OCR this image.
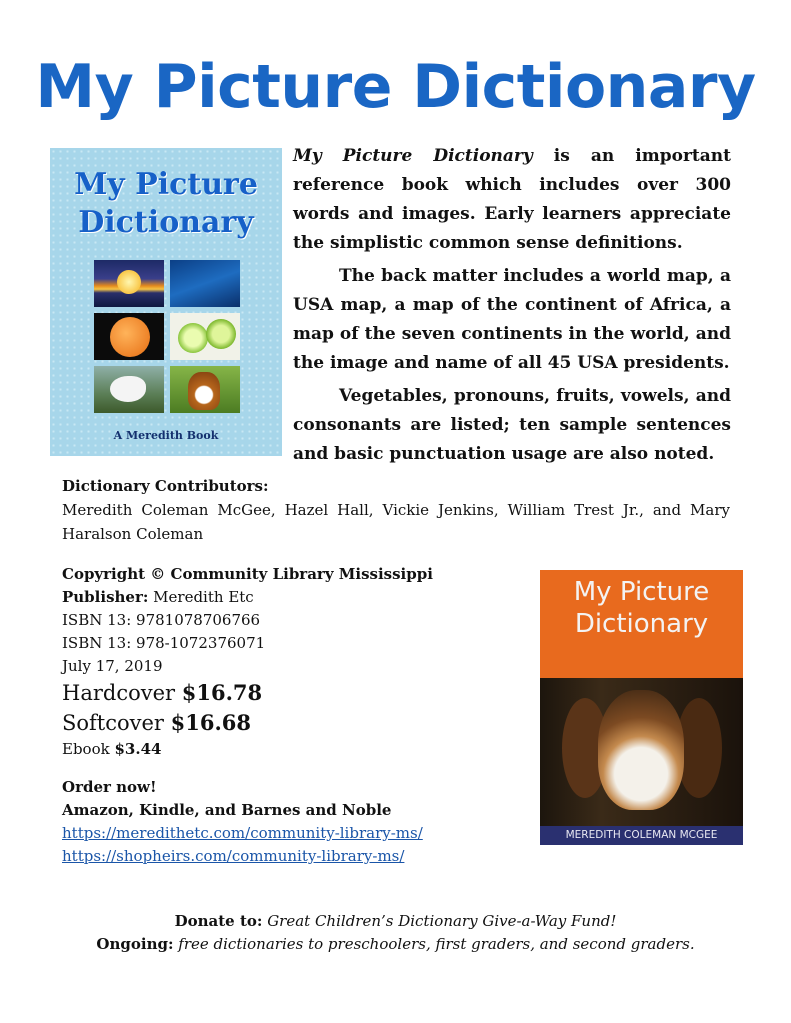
My Picture Dictionary
My Picture
Dictionary
A Meredith Book

My Picture Dictionary is an important reference book which includes over 300 words and images. Early learners appreciate the simplistic common sense definitions.

The back matter includes a world map, a USA map, a map of the continent of Africa, a map of the seven continents in the world, and the image and name of all 45 USA presidents.

Vegetables, pronouns, fruits, vowels, and consonants are listed; ten sample sentences and basic punctuation usage are also noted.

Dictionary Contributors:
Meredith Coleman McGee, Hazel Hall, Vickie Jenkins, William Trest Jr., and Mary Haralson Coleman
Copyright © Community Library Mississippi
Publisher: Meredith Etc
ISBN 13: 9781078706766
ISBN 13: 978-1072376071
July 17, 2019
Hardcover $16.78
Softcover $16.68
Ebook $3.44
Order now!
Amazon, Kindle, and Barnes and Noble
https://meredithetc.com/community-library-ms/
https://shopheirs.com/community-library-ms/
My Picture
Dictionary
MEREDITH COLEMAN MCGEE
Donate to: Great Children’s Dictionary Give-a-Way Fund!
Ongoing: free dictionaries to preschoolers, first graders, and second graders.
